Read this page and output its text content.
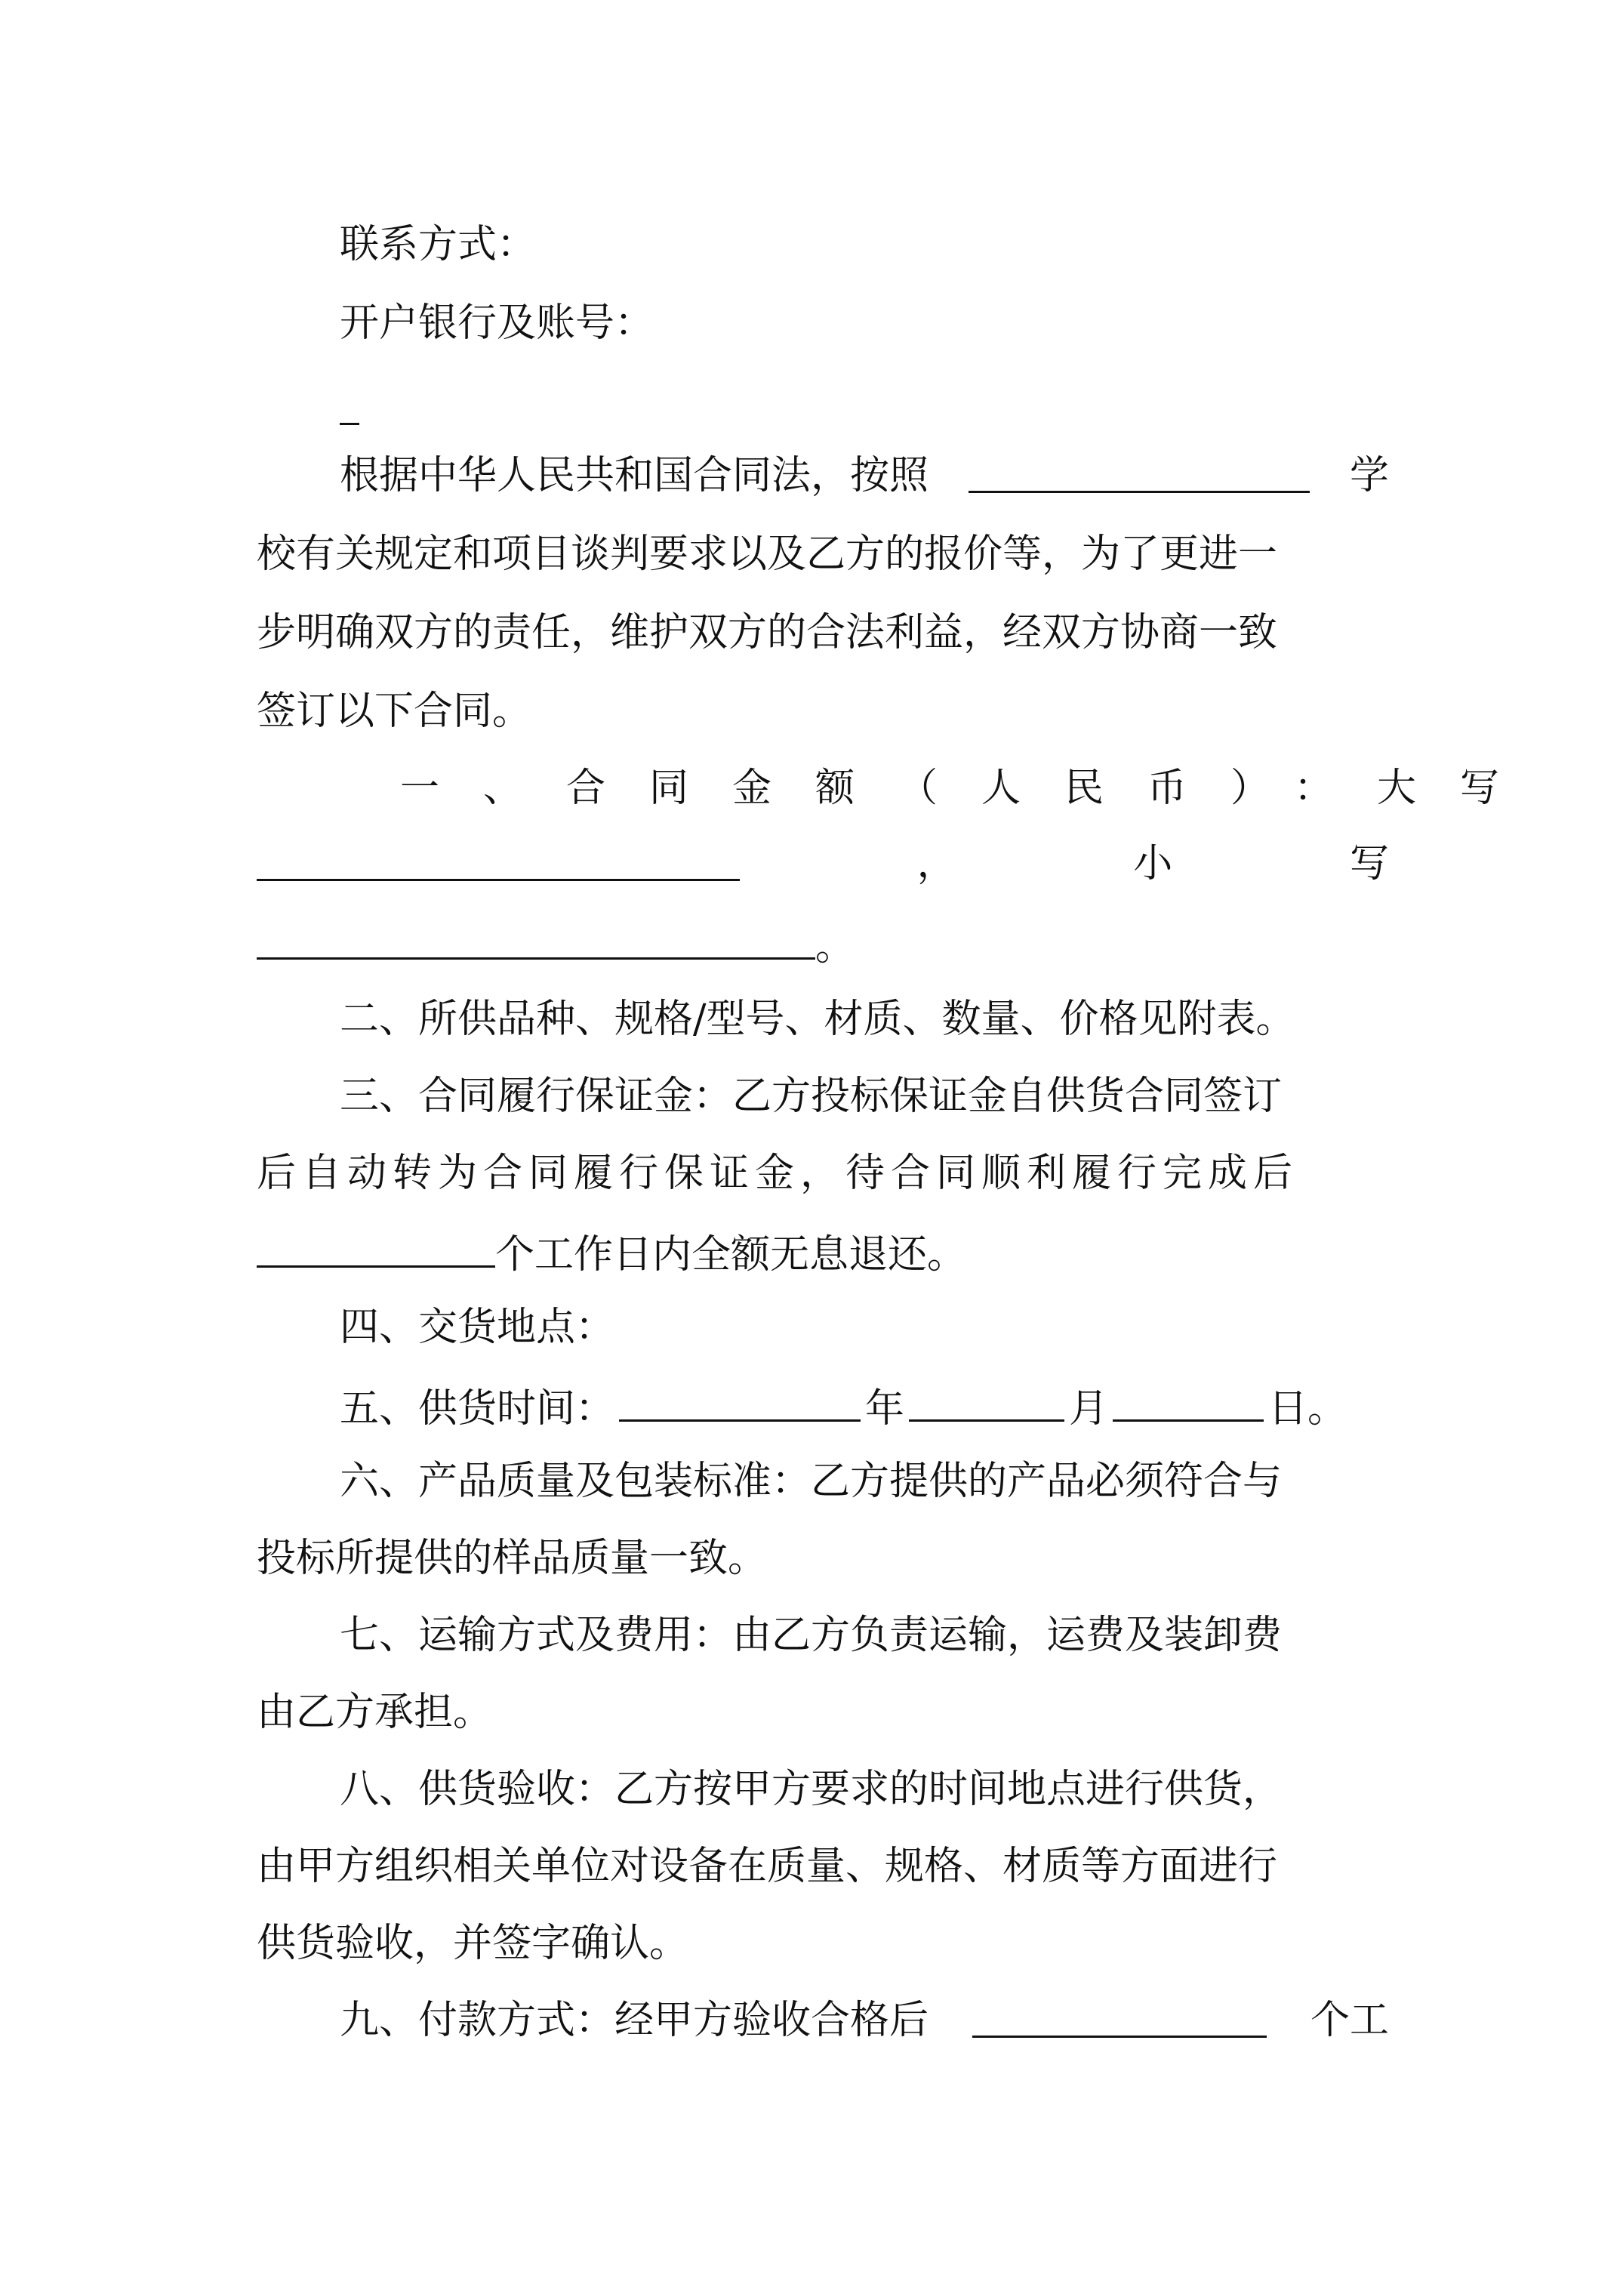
联系方式：
开户银行及账号：
根据中华人民共和国合同法，按照	学
校有关规定和项目谈判要求以及乙方的报价等，为了更进一
步明确双方的责任，维护双方的合法利益，经双方协商一致
签订以下合同。
一、合同金额（人民币）：大写
，	小	写
。
二、所供品种、规格/型号、材质、数量、价格见附表。
三、合同履行保证金：乙方投标保证金自供货合同签订
后自动转为合同履行保证金，待合同顺利履行完成后
个工作日内全额无息退还。
四、交货地点：
五、供货时间：	年	月	日。
六、产品质量及包装标准：乙方提供的产品必须符合与
投标所提供的样品质量一致。
七、运输方式及费用：由乙方负责运输，运费及装卸费
由乙方承担。
八、供货验收：乙方按甲方要求的时间地点进行供货，
由甲方组织相关单位对设备在质量、规格、材质等方面进行
供货验收，并签字确认。
九、付款方式：经甲方验收合格后	个工
